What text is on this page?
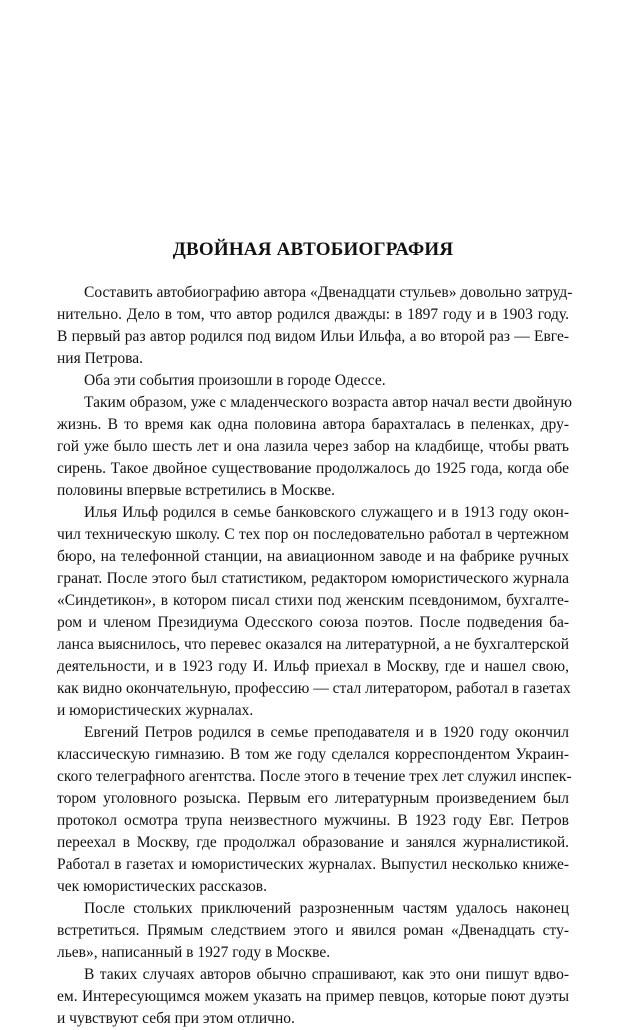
ДВОЙНАЯ АВТОБИОГРАФИЯ
Составить автобиографию автора «Двенадцати стульев» довольно затруд-
нительно. Дело в том, что автор родился дважды: в 1897 году и в 1903 году.
В первый раз автор родился под видом Ильи Ильфа, а во второй раз — Евге-
ния Петрова.
Оба эти события произошли в городе Одессе.
Таким образом, уже с младенческого возраста автор начал вести двойную
жизнь. В то время как одна половина автора барахталась в пеленках, дру-
гой уже было шесть лет и она лазила через забор на кладбище, чтобы рвать
сирень. Такое двойное существование продолжалось до 1925 года, когда обе
половины впервые встретились в Москве.
Илья Ильф родился в семье банковского служащего и в 1913 году окон-
чил техническую школу. С тех пор он последовательно работал в чертежном
бюро, на телефонной станции, на авиационном заводе и на фабрике ручных
гранат. После этого был статистиком, редактором юмористического журнала
«Синдетикон», в котором писал стихи под женским псевдонимом, бухгалте-
ром и членом Президиума Одесского союза поэтов. После подведения ба-
ланса выяснилось, что перевес оказался на литературной, а не бухгалтерской
деятельности, и в 1923 году И. Ильф приехал в Москву, где и нашел свою,
как видно окончательную, профессию — стал литератором, работал в газетах
и юмористических журналах.
Евгений Петров родился в семье преподавателя и в 1920 году окончил
классическую гимназию. В том же году сделался корреспондентом Украин-
ского телеграфного агентства. После этого в течение трех лет служил инспек-
тором уголовного розыска. Первым его литературным произведением был
протокол осмотра трупа неизвестного мужчины. В 1923 году Евг. Петров
переехал в Москву, где продолжал образование и занялся журналистикой.
Работал в газетах и юмористических журналах. Выпустил несколько книже-
чек юмористических рассказов.
После стольких приключений разрозненным частям удалось наконец
встретиться. Прямым следствием этого и явился роман «Двенадцать сту-
льев», написанный в 1927 году в Москве.
В таких случаях авторов обычно спрашивают, как это они пишут вдво-
ем. Интересующимся можем указать на пример певцов, которые поют дуэты
и чувствуют себя при этом отлично.
